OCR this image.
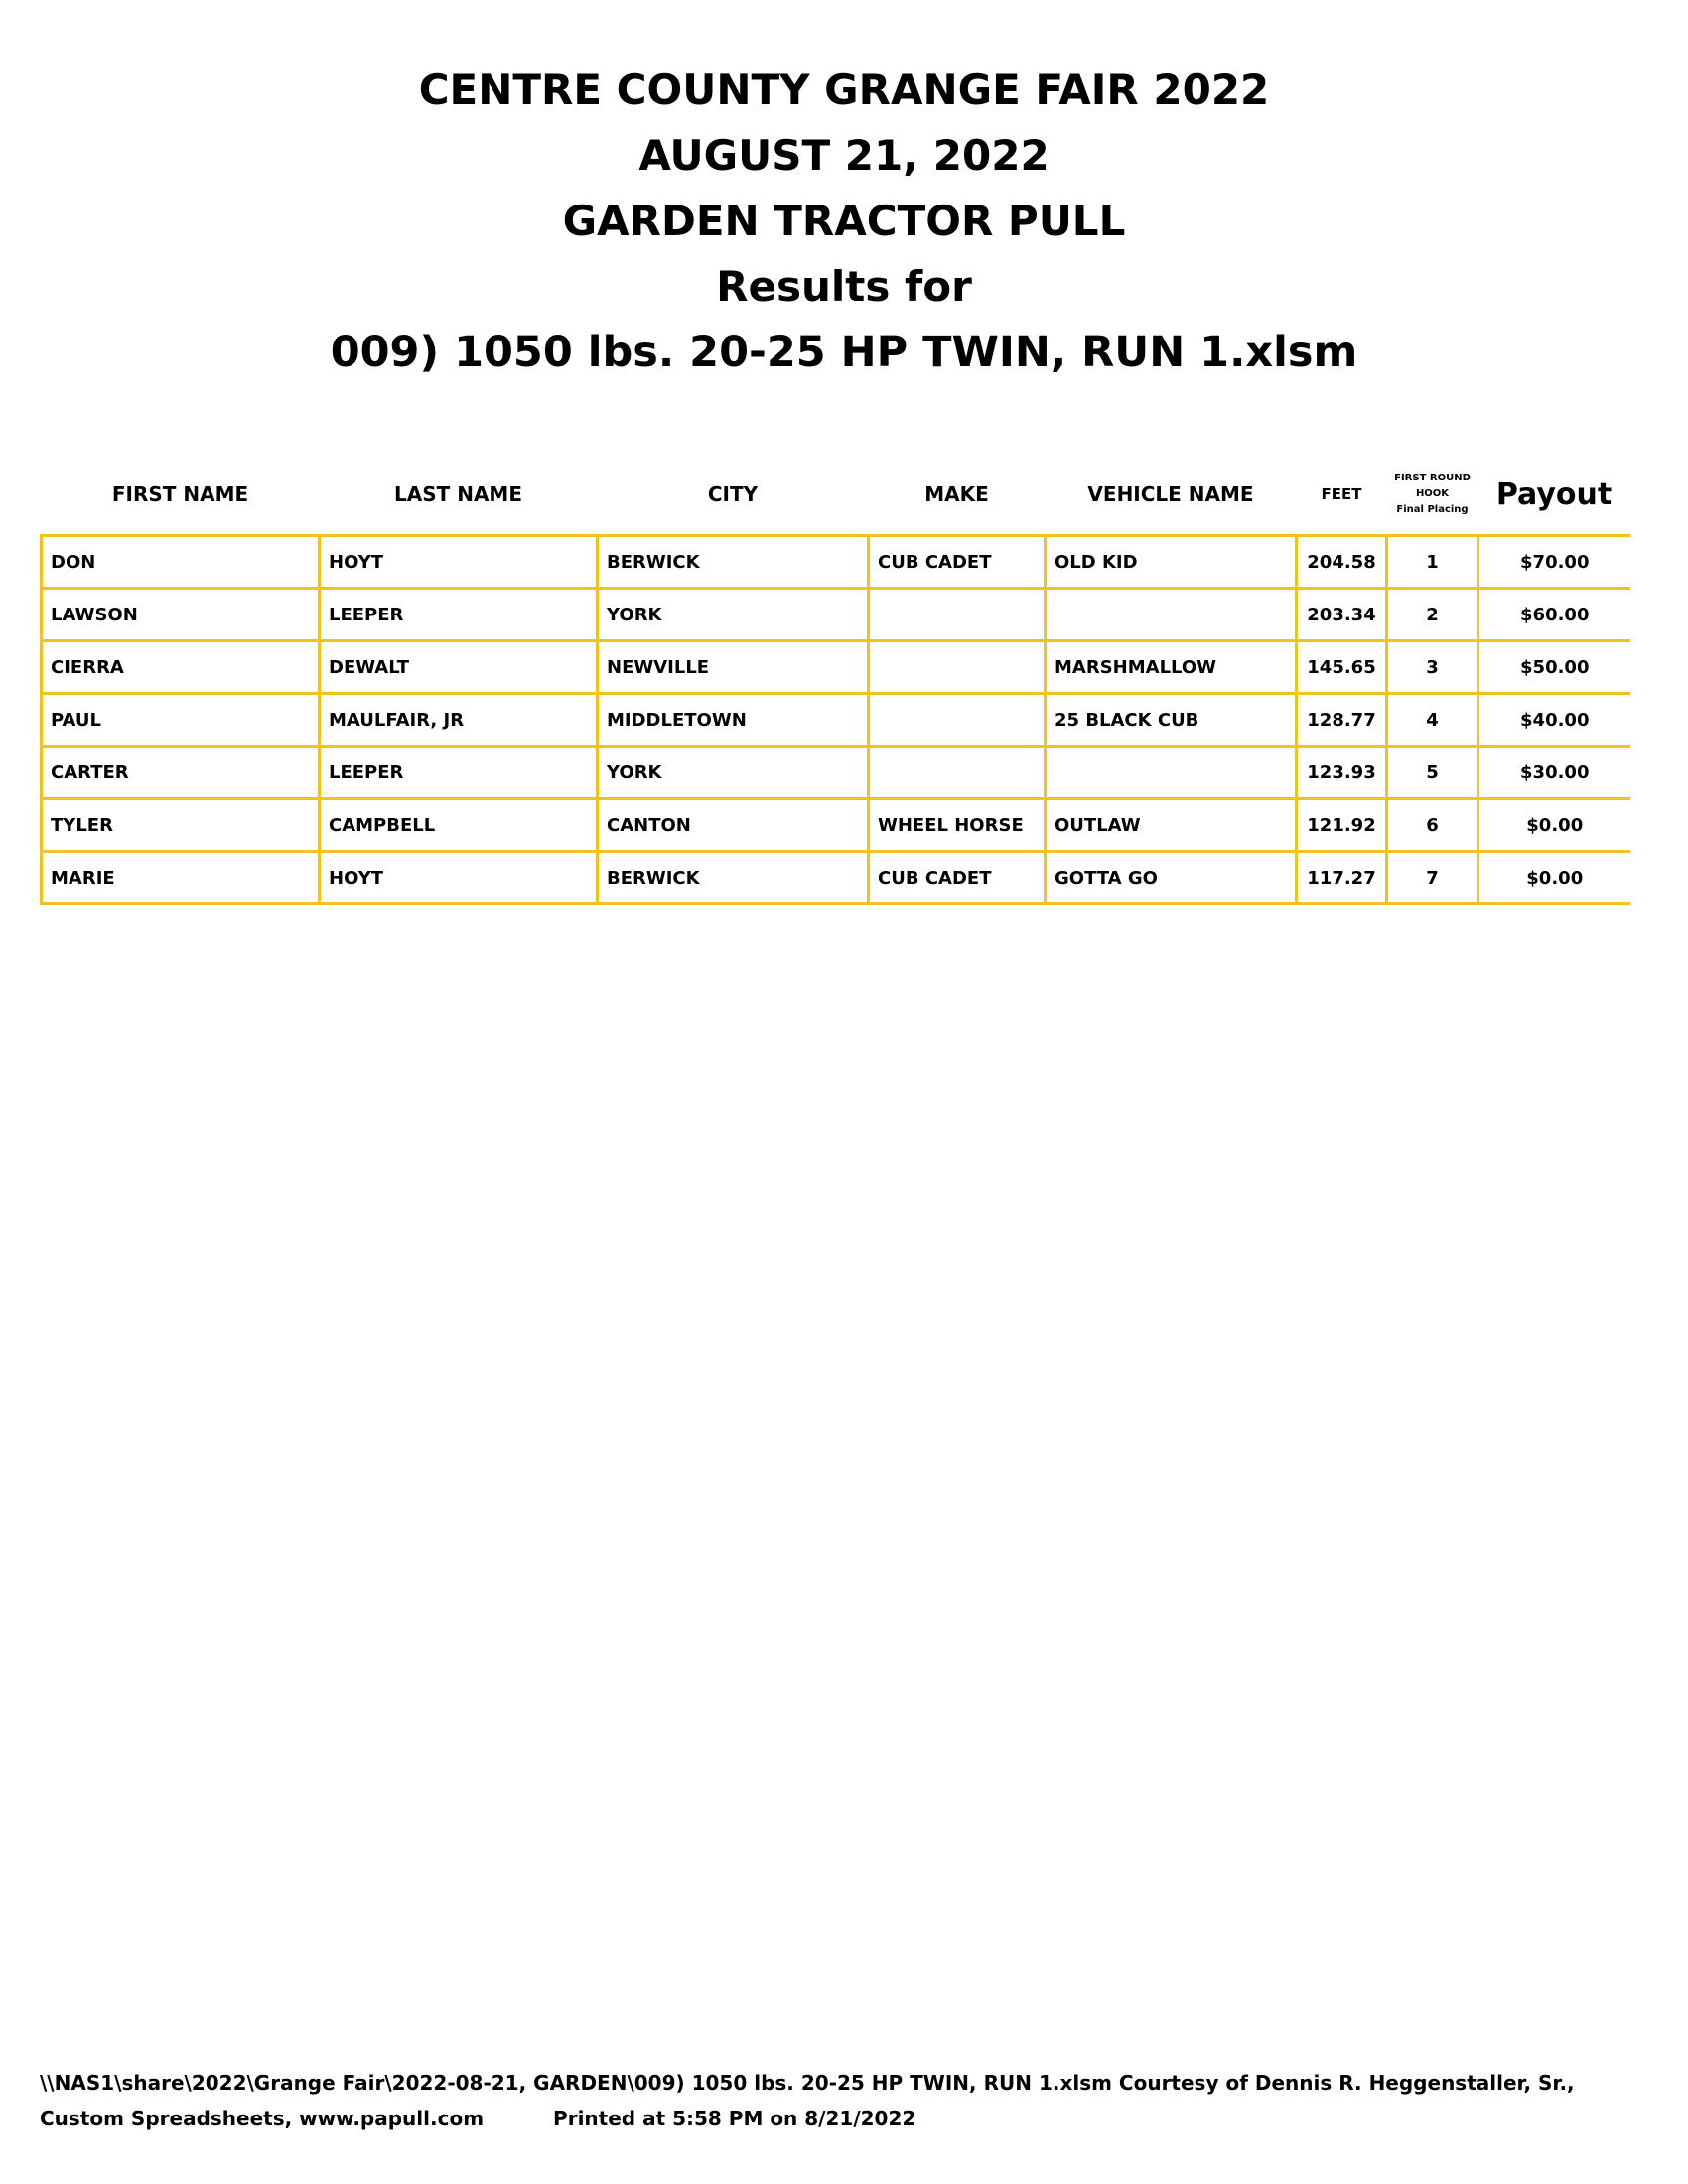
CENTRE COUNTY GRANGE FAIR 2022
AUGUST 21, 2022
GARDEN TRACTOR PULL
Results for
009) 1050 lbs. 20-25 HP TWIN, RUN 1.xlsm
FIRST NAME	LAST NAME	CITY	MAKE	VEHICLE NAME	FEET	FIRST ROUND
HOOK
Final Placing	Payout
DON	HOYT	BERWICK	CUB CADET	OLD KID	204.58	1	$70.00
LAWSON	LEEPER	YORK			203.34	2	$60.00
CIERRA	DEWALT	NEWVILLE		MARSHMALLOW	145.65	3	$50.00
PAUL	MAULFAIR, JR	MIDDLETOWN		25 BLACK CUB	128.77	4	$40.00
CARTER	LEEPER	YORK			123.93	5	$30.00
TYLER	CAMPBELL	CANTON	WHEEL HORSE	OUTLAW	121.92	6	$0.00
MARIE	HOYT	BERWICK	CUB CADET	GOTTA GO	117.27	7	$0.00
\\NAS1\share\2022\Grange Fair\2022-08-21, GARDEN\009) 1050 lbs. 20-25 HP TWIN, RUN 1.xlsm Courtesy of Dennis R. Heggenstaller, Sr.,
Custom Spreadsheets, www.papull.com	Printed at 5:58 PM on 8/21/2022
